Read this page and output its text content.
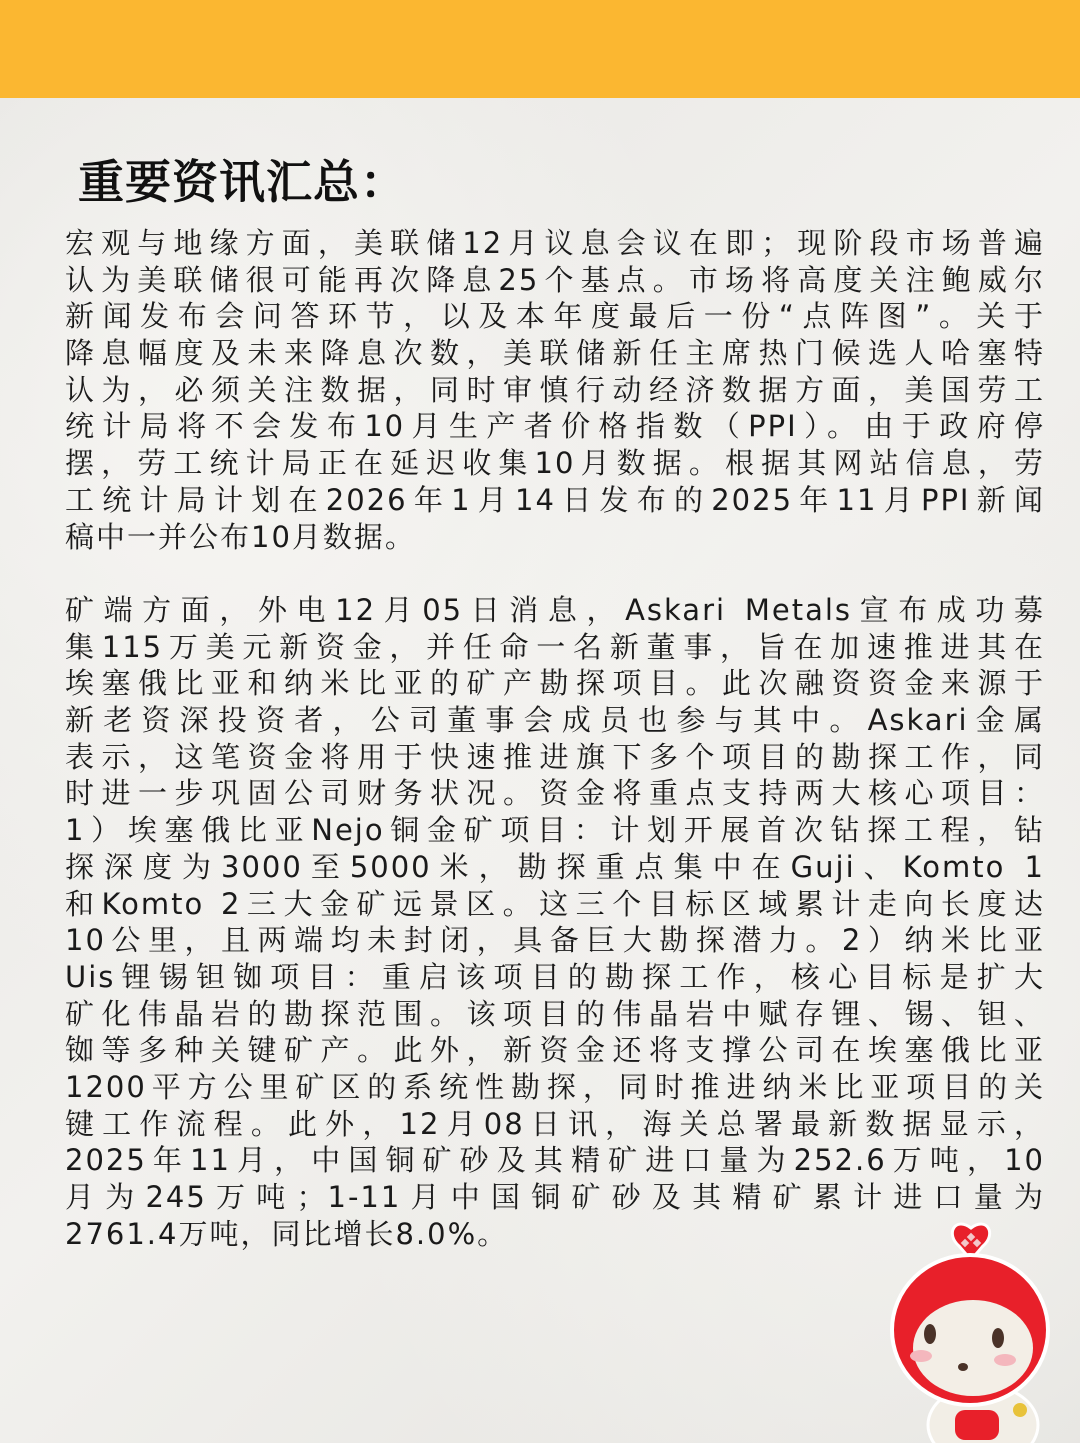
重要资讯汇总：
宏观与地缘方面，美联储12月议息会议在即；现阶段市场普遍
认为美联储很可能再次降息25个基点。市场将高度关注鲍威尔
新闻发布会问答环节，以及本年度最后一份“点阵图”。关于
降息幅度及未来降息次数，美联储新任主席热门候选人哈塞特
认为，必须关注数据，同时审慎行动经济数据方面，美国劳工
统计局将不会发布10月生产者价格指数（PPI）。由于政府停
摆，劳工统计局正在延迟收集10月数据。根据其网站信息，劳
工统计局计划在2026年1月14日发布的2025年11月PPI新闻
稿中一并公布10月数据。
矿端方面，外电12月05日消息，Askari Metals宣布成功募
集115万美元新资金，并任命一名新董事，旨在加速推进其在
埃塞俄比亚和纳米比亚的矿产勘探项目。此次融资资金来源于
新老资深投资者，公司董事会成员也参与其中。Askari金属
表示，这笔资金将用于快速推进旗下多个项目的勘探工作，同
时进一步巩固公司财务状况。资金将重点支持两大核心项目：
1）埃塞俄比亚Nejo铜金矿项目：计划开展首次钻探工程，钻
探深度为3000至5000米，勘探重点集中在Guji、Komto 1
和Komto 2三大金矿远景区。这三个目标区域累计走向长度达
10公里，且两端均未封闭，具备巨大勘探潜力。2）纳米比亚
Uis锂锡钽铷项目：重启该项目的勘探工作，核心目标是扩大
矿化伟晶岩的勘探范围。该项目的伟晶岩中赋存锂、锡、钽、
铷等多种关键矿产。此外，新资金还将支撑公司在埃塞俄比亚
1200平方公里矿区的系统性勘探，同时推进纳米比亚项目的关
键工作流程。此外，12月08日讯，海关总署最新数据显示，
2025年11月，中国铜矿砂及其精矿进口量为252.6万吨，10
月为245万吨；1-11月中国铜矿砂及其精矿累计进口量为
2761.4万吨，同比增长8.0%。
